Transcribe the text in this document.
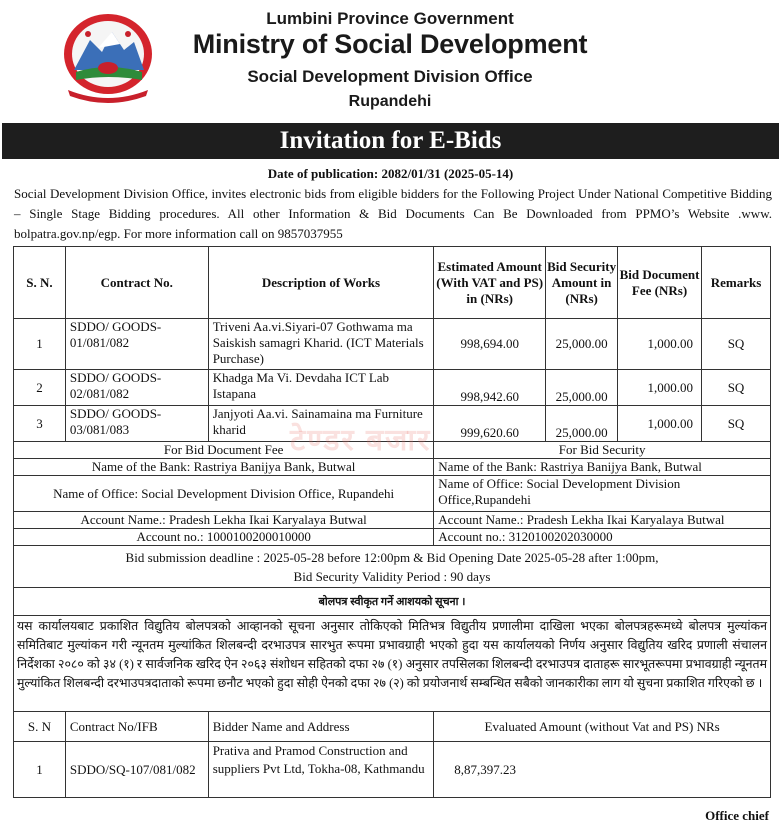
Lumbini Province Government
Ministry of Social Development
Social Development Division Office
Rupandehi
Invitation for E-Bids
Date of publication: 2082/01/31 (2025-05-14)
Social Development Division Office, invites electronic bids from eligible bidders for the Following Project Under National Competitive Bidding – Single Stage Bidding procedures. All other Information & Bid Documents Can Be Downloaded from PPMO’s Website .www. bolpatra.gov.np/egp. For more information call on 9857037955
S. N.	Contract No.	Description of Works	Estimated Amount (With VAT and PS) in (NRs)	Bid Security Amount in (NRs)	Bid Document Fee (NRs)	Remarks
1	SDDO/ GOODS-01/081/082	Triveni Aa.vi.Siyari-07 Gothwama ma Saiskish samagri Kharid. (ICT Materials Purchase)	998,694.00	25,000.00	1,000.00	SQ
2	SDDO/ GOODS-02/081/082	Khadga Ma Vi. Devdaha ICT Lab Istapana	998,942.60	25,000.00	1,000.00	SQ
3	SDDO/ GOODS-03/081/083	Janjyoti Aa.vi. Sainamaina ma Furniture kharid	999,620.60	25,000.00	1,000.00	SQ
For Bid Document Fee			For Bid Security			
Name of the Bank: Rastriya Banijya Bank, Butwal			Name of the Bank: Rastriya Banijya Bank, Butwal			
Name of Office: Social Development Division Office, Rupandehi			Name of Office: Social Development Division Office,Rupandehi			
Account Name.: Pradesh Lekha Ikai Karyalaya Butwal			Account Name.: Pradesh Lekha Ikai Karyalaya Butwal			
Account no.: 1000100200010000			Account no.: 3120100202030000			

Bid submission deadline : 2025-05-28 before 12:00pm & Bid Opening Date 2025-05-28 after 1:00pm,
Bid Security Validity Period : 90 days						

बोलपत्र स्वीकृत गर्ने आशयको सूचना ।						
यस कार्यालयबाट प्रकाशित विद्युतिय बोलपत्रको आव्हानको सूचना अनुसार तोकिएको मितिभत्र विद्युतीय प्रणालीमा दाखिला भएका बोलपत्रहरूमध्ये बोलपत्र मुल्यांकन समितिबाट मुल्यांकन गरी न्यूनतम मुल्यांकित शिलबन्दी दरभाउपत्र सारभुत रूपमा प्रभावग्राही भएको हुदा यस कार्यालयको निर्णय अनुसार विद्युतिय खरिद प्रणाली संचालन निर्देशका २०८० को ३४ (१) र सार्वजनिक खरिद ऐन २०६३ संशोधन सहितको दफा २७ (१) अनुसार तपसिलका शिलबन्दी दरभाउपत्र दाताहरू सारभूतरूपमा प्रभावग्राही न्यूनतम मुल्यांकित शिलबन्दी दरभाउपत्रदाताको रूपमा छनौट भएको हुदा सोही ऐनको दफा २७ (२) को प्रयोजनार्थ सम्बन्धित सबैको जानकारीका लाग यो सुचना प्रकाशित गरिएको छ ।						
S. N	Contract No/IFB	Bidder Name and Address	Evaluated Amount (without Vat and PS) NRs			
1	SDDO/SQ-107/081/082	Prativa and Pramod Construction and suppliers Pvt Ltd, Tokha-08, Kathmandu	8,87,397.23			
टेण्डर बजार
Office chief
